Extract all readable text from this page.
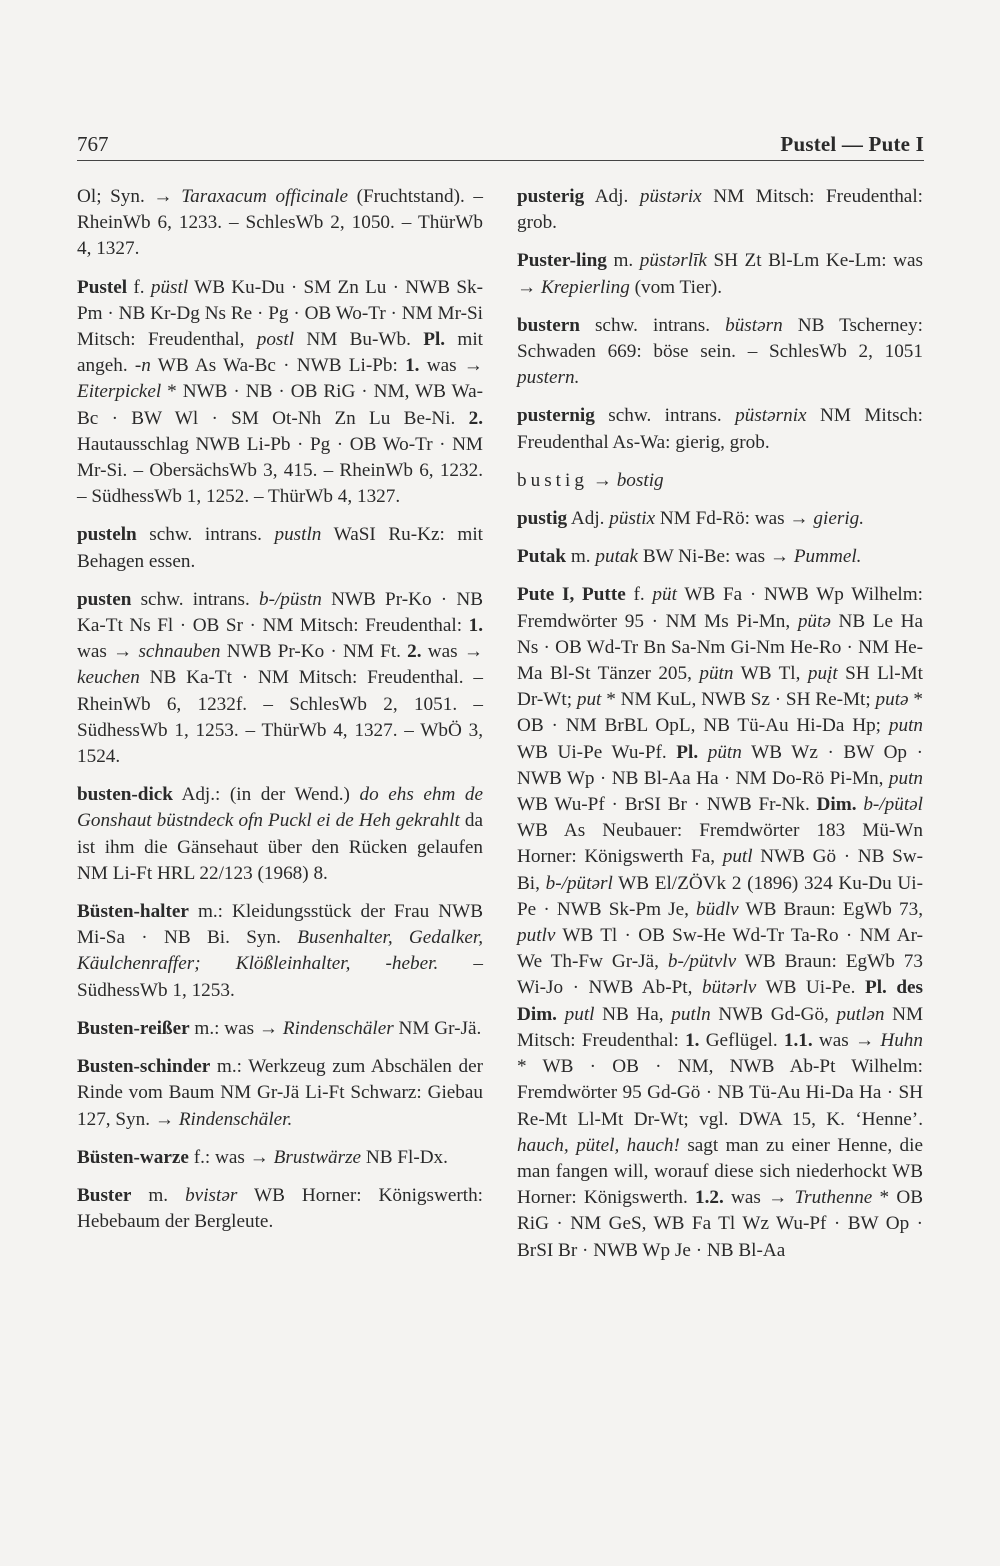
767	Pustel — Pute I

Ol; Syn. → Taraxacum officinale (Fruchtstand). – RheinWb 6, 1233. – SchlesWb 2, 1050. – ThürWb 4, 1327.

Pustel f. püstl WB Ku-Du · SM Zn Lu · NWB Sk-Pm · NB Kr-Dg Ns Re · Pg · OB Wo-Tr · NM Mr-Si Mitsch: Freudenthal, postl NM Bu-Wb. Pl. mit angeh. -n WB As Wa-Bc · NWB Li-Pb: 1. was → Eiterpickel * NWB · NB · OB RiG · NM, WB Wa-Bc · BW Wl · SM Ot-Nh Zn Lu Be-Ni. 2. Hautausschlag NWB Li-Pb · Pg · OB Wo-Tr · NM Mr-Si. – ObersächsWb 3, 415. – RheinWb 6, 1232. – SüdhessWb 1, 1252. – ThürWb 4, 1327.

pusteln schw. intrans. pustln WaSI Ru-Kz: mit Behagen essen.

pusten schw. intrans. b-/püstn NWB Pr-Ko · NB Ka-Tt Ns Fl · OB Sr · NM Mitsch: Freudenthal: 1. was → schnauben NWB Pr-Ko · NM Ft. 2. was → keuchen NB Ka-Tt · NM Mitsch: Freudenthal. – RheinWb 6, 1232f. – SchlesWb 2, 1051. – SüdhessWb 1, 1253. – ThürWb 4, 1327. – WbÖ 3, 1524.

busten-dick Adj.: (in der Wend.) do ehs ehm de Gonshaut büstndeck ofn Puckl ei de Heh gekrahlt da ist ihm die Gänsehaut über den Rücken gelaufen NM Li-Ft HRL 22/123 (1968) 8.

Büsten-halter m.: Kleidungsstück der Frau NWB Mi-Sa · NB Bi. Syn. Busenhalter, Gedalker, Käulchenraffer; Klößleinhalter, -heber. – SüdhessWb 1, 1253.

Busten-reißer m.: was → Rindenschäler NM Gr-Jä.

Busten-schinder m.: Werkzeug zum Abschälen der Rinde vom Baum NM Gr-Jä Li-Ft Schwarz: Giebau 127, Syn. → Rindenschäler.

Büsten-warze f.: was → Brustwärze NB Fl-Dx.

Buster m. bvistər WB Horner: Königswerth: Hebebaum der Bergleute.

pusterig Adj. püstərix NM Mitsch: Freudenthal: grob.

Puster-ling m. püstərlīk SH Zt Bl-Lm Ke-Lm: was → Krepierling (vom Tier).

bustern schw. intrans. büstərn NB Tscherney: Schwaden 669: böse sein. – SchlesWb 2, 1051 pustern.

pusternig schw. intrans. püstərnix NM Mitsch: Freudenthal As-Wa: gierig, grob.

bustig → bostig

pustig Adj. püstix NM Fd-Rö: was → gierig.

Putak m. putak BW Ni-Be: was → Pummel.

Pute I, Putte f. püt WB Fa · NWB Wp Wilhelm: Fremdwörter 95 · NM Ms Pi-Mn, pütə NB Le Ha Ns · OB Wd-Tr Bn Sa-Nm Gi-Nm He-Ro · NM He-Ma Bl-St Tänzer 205, pütn WB Tl, puįt SH Ll-Mt Dr-Wt; put * NM KuL, NWB Sz · SH Re-Mt; putə * OB · NM BrBL OpL, NB Tü-Au Hi-Da Hp; putn WB Ui-Pe Wu-Pf. Pl. pütn WB Wz · BW Op · NWB Wp · NB Bl-Aa Ha · NM Do-Rö Pi-Mn, putn WB Wu-Pf · BrSI Br · NWB Fr-Nk. Dim. b-/pütəl WB As Neubauer: Fremdwörter 183 Mü-Wn Horner: Königswerth Fa, putl NWB Gö · NB Sw-Bi, b-/pütərl WB El/ZÖVk 2 (1896) 324 Ku-Du Ui-Pe · NWB Sk-Pm Je, büdlv WB Braun: EgWb 73, putlv WB Tl · OB Sw-He Wd-Tr Ta-Ro · NM Ar-We Th-Fw Gr-Jä, b-/pütvlv WB Braun: EgWb 73 Wi-Jo · NWB Ab-Pt, bütərlv WB Ui-Pe. Pl. des Dim. putl NB Ha, putln NWB Gd-Gö, putlən NM Mitsch: Freudenthal: 1. Geflügel. 1.1. was → Huhn * WB · OB · NM, NWB Ab-Pt Wilhelm: Fremdwörter 95 Gd-Gö · NB Tü-Au Hi-Da Ha · SH Re-Mt Ll-Mt Dr-Wt; vgl. DWA 15, K. ‘Henne’. hauch, pütel, hauch! sagt man zu einer Henne, die man fangen will, worauf diese sich niederhockt WB Horner: Königswerth. 1.2. was → Truthenne * OB RiG · NM GeS, WB Fa Tl Wz Wu-Pf · BW Op · BrSI Br · NWB Wp Je · NB Bl-Aa
